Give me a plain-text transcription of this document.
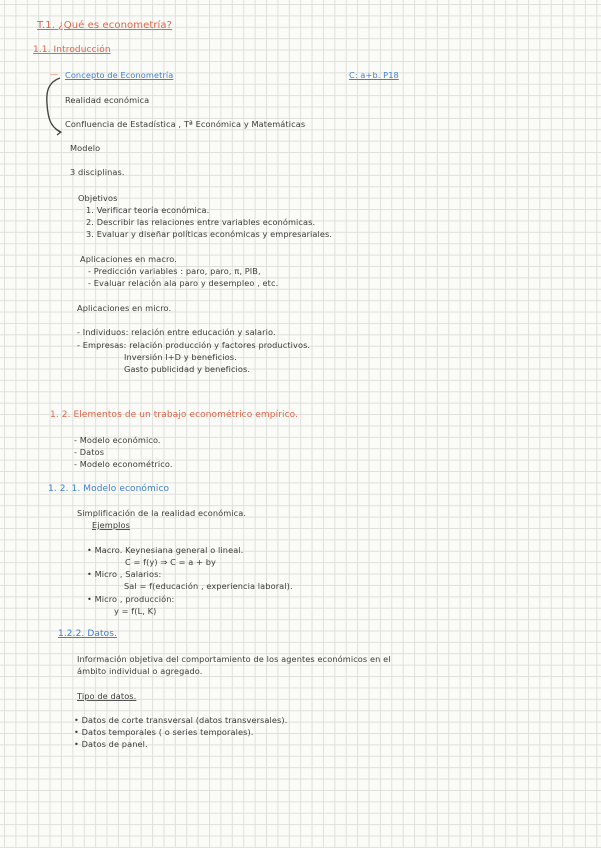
T.1. ¿Qué es econometría?
1.1. Introducción
— Concepto de Econometría	C: a+b. P18
Realidad económica
Confluencia de Estadística , Tª Económica y Matemáticas
Modelo
3 disciplinas.
Objetivos
1. Verificar teoría económica.
2. Describir las relaciones entre variables económicas.
3. Evaluar y diseñar políticas económicas y empresariales.
Aplicaciones en macro.
- Predicción variables : paro, paro, π, PIB,
- Evaluar relación ala paro y desempleo , etc.
Aplicaciones en micro.
- Individuos: relación entre educación y salario.
- Empresas: relación producción y factores productivos.
Inversión I+D y beneficios.
Gasto publicidad y beneficios.
1. 2. Elementos de un trabajo econométrico empírico.
- Modelo económico.
- Datos
- Modelo econométrico.
1. 2. 1. Modelo económico
Simplificación de la realidad económica.
Ejemplos
• Macro. Keynesiana general o lineal.
C = f(y) ⇒ C = a + by
• Micro , Salarios:
Sal = f(educación , experiencia laboral).
• Micro , producción:
y = f(L, K)
1.2.2. Datos.
Información objetiva del comportamiento de los agentes económicos en el
ámbito individual o agregado.
Tipo de datos.
• Datos de corte transversal (datos transversales).
• Datos temporales ( o series temporales).
• Datos de panel.
